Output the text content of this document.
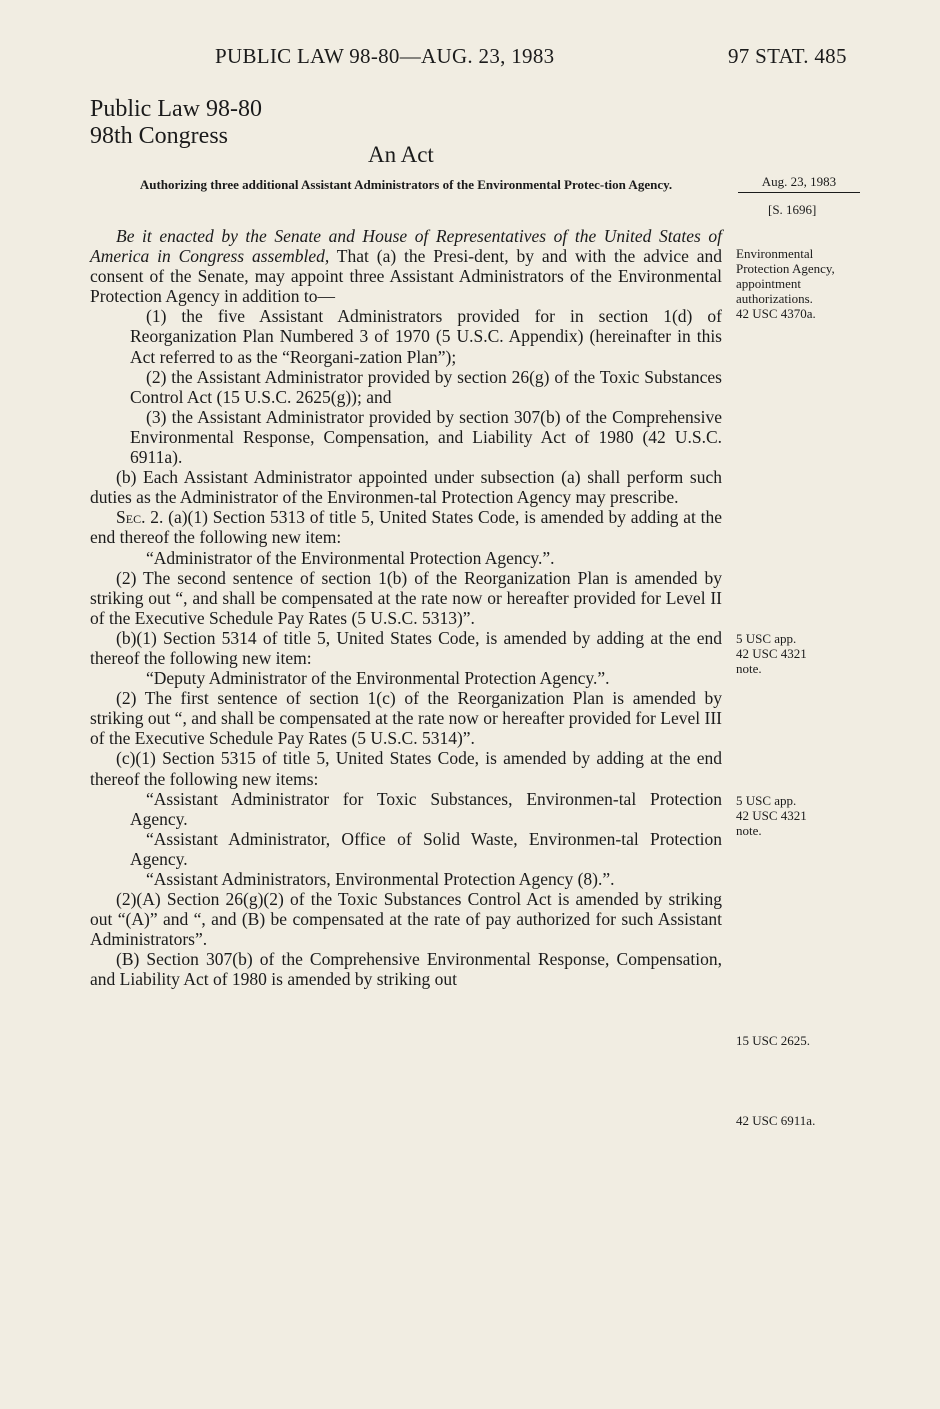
PUBLIC LAW 98-80—AUG. 23, 1983	97 STAT. 485
Public Law 98-80
98th Congress
An Act
Authorizing three additional Assistant Administrators of the Environmental Protec-tion Agency.	Aug. 23, 1983
[S. 1696]
Environmental Protection Agency, appointment authorizations.
42 USC 4370a.
5 USC app.
42 USC 4321
note.
5 USC app.
42 USC 4321
note.
15 USC 2625.
42 USC 6911a.

Be it enacted by the Senate and House of Representatives of the United States of America in Congress assembled, That (a) the Presi-dent, by and with the advice and consent of the Senate, may appoint three Assistant Administrators of the Environmental Protection Agency in addition to—

(1) the five Assistant Administrators provided for in section 1(d) of Reorganization Plan Numbered 3 of 1970 (5 U.S.C. Appendix) (hereinafter in this Act referred to as the “Reorgani-zation Plan”);

(2) the Assistant Administrator provided by section 26(g) of the Toxic Substances Control Act (15 U.S.C. 2625(g)); and

(3) the Assistant Administrator provided by section 307(b) of the Comprehensive Environmental Response, Compensation, and Liability Act of 1980 (42 U.S.C. 6911a).

(b) Each Assistant Administrator appointed under subsection (a) shall perform such duties as the Administrator of the Environmen-tal Protection Agency may prescribe.

Sec. 2. (a)(1) Section 5313 of title 5, United States Code, is amended by adding at the end thereof the following new item:

“Administrator of the Environmental Protection Agency.”.

(2) The second sentence of section 1(b) of the Reorganization Plan is amended by striking out “, and shall be compensated at the rate now or hereafter provided for Level II of the Executive Schedule Pay Rates (5 U.S.C. 5313)”.

(b)(1) Section 5314 of title 5, United States Code, is amended by adding at the end thereof the following new item:

“Deputy Administrator of the Environmental Protection Agency.”.

(2) The first sentence of section 1(c) of the Reorganization Plan is amended by striking out “, and shall be compensated at the rate now or hereafter provided for Level III of the Executive Schedule Pay Rates (5 U.S.C. 5314)”.

(c)(1) Section 5315 of title 5, United States Code, is amended by adding at the end thereof the following new items:

“Assistant Administrator for Toxic Substances, Environmen-tal Protection Agency.

“Assistant Administrator, Office of Solid Waste, Environmen-tal Protection Agency.

“Assistant Administrators, Environmental Protection Agency (8).”.

(2)(A) Section 26(g)(2) of the Toxic Substances Control Act is amended by striking out “(A)” and “, and (B) be compensated at the rate of pay authorized for such Assistant Administrators”.

(B) Section 307(b) of the Comprehensive Environmental Response, Compensation, and Liability Act of 1980 is amended by striking out
